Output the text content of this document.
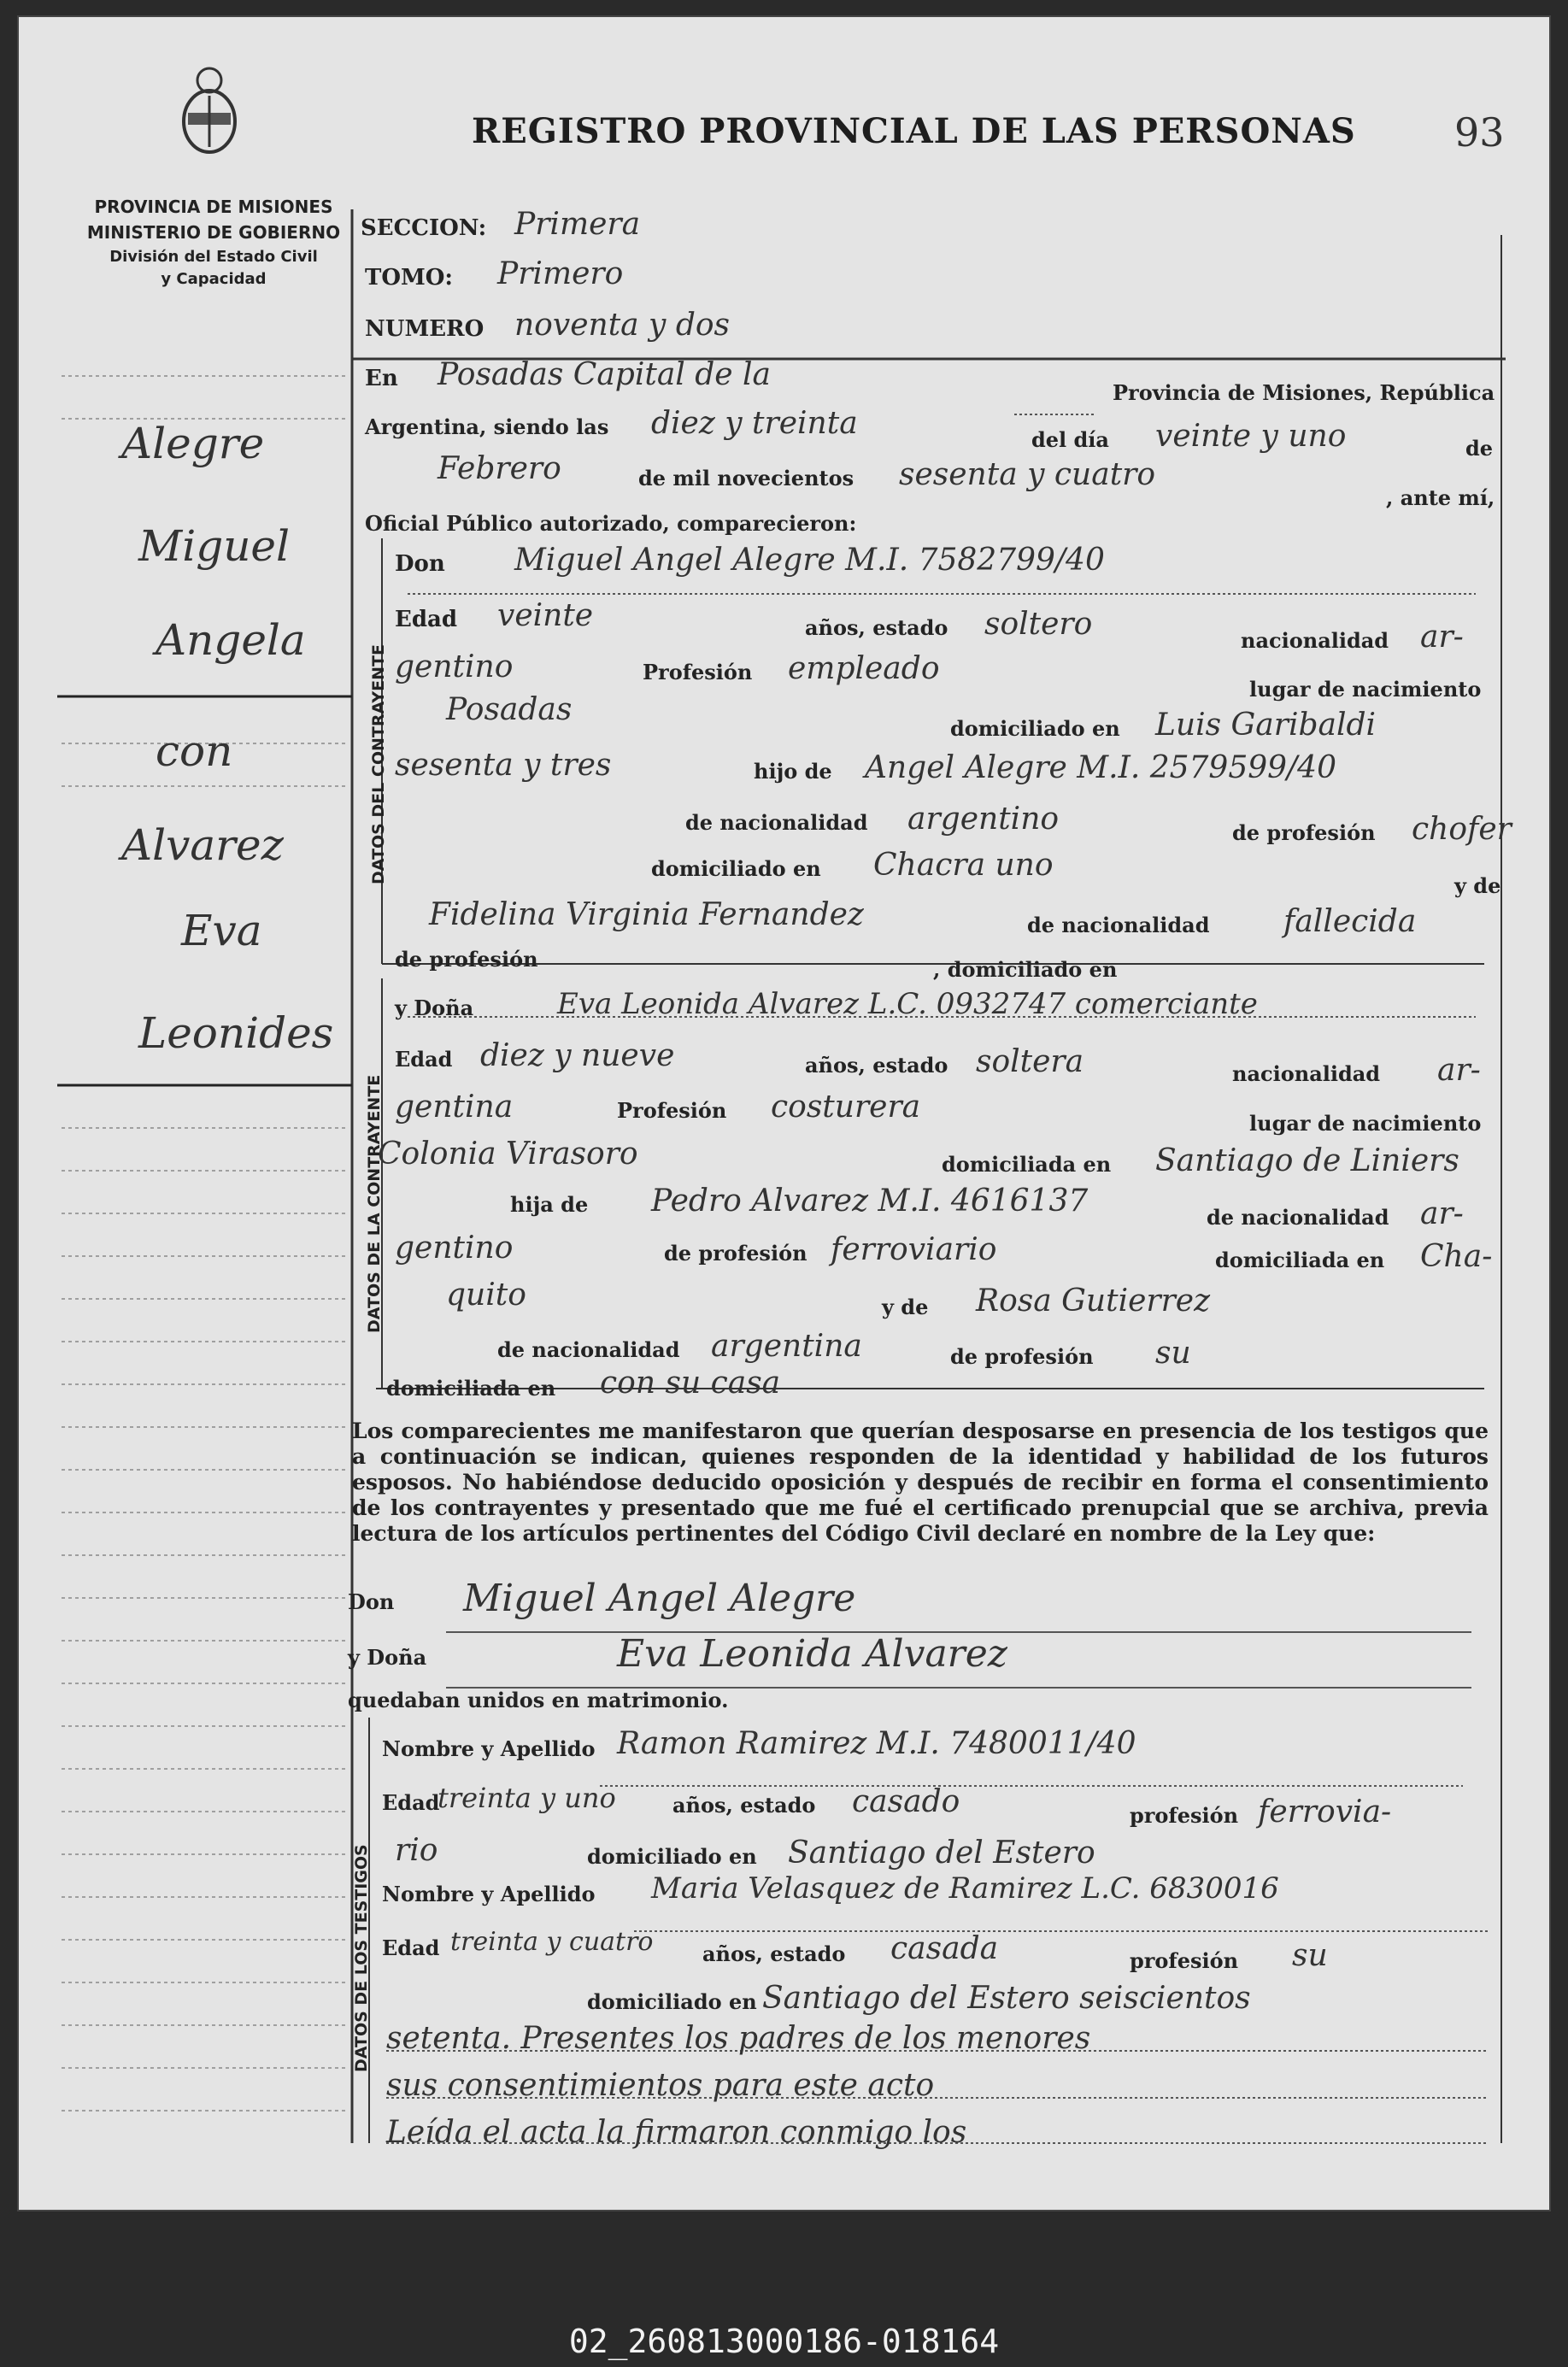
PROVINCIA DE MISIONES
MINISTERIO DE GOBIERNO
División del Estado Civil
y Capacidad
REGISTRO PROVINCIAL DE LAS PERSONAS	93
Alegre
Miguel
Angela
con
Alvarez
Eva
Leonides
SECCION: Primera
TOMO: Primero
NUMERO noventa y dos
En Posadas Capital de la
Provincia de Misiones, República
Argentina, siendo las diez y treinta	del día veinte y uno	de
Febrero	de mil novecientos sesenta y cuatro
, ante mí,
Oficial Público autorizado, comparecieron:
DATOS DEL CONTRAYENTE
Don Miguel Angel Alegre M.I. 7582799/40
Edad veinte	años, estado soltero	nacionalidad ar-
gentino	Profesión empleado
lugar de nacimiento
Posadas
domiciliado en Luis Garibaldi
sesenta y tres	hijo de Angel Alegre M.I. 2579599/40
de nacionalidad argentino	de profesión chofer
domiciliado en Chacra uno
y de
Fidelina Virginia Fernandez	de nacionalidad fallecida
de profesión	, domiciliado en
DATOS DE LA CONTRAYENTE
y Doña	Eva Leonida Alvarez L.C. 0932747 comerciante
Edad diez y nueve	años, estado soltera	nacionalidad ar-
gentina	Profesión costurera	lugar de nacimiento
Colonia Virasoro	domiciliada en Santiago de Liniers
hija de Pedro Alvarez M.I. 4616137	de nacionalidad ar-
gentino	de profesión ferroviario	domiciliada en Cha-
quito	y de Rosa Gutierrez
de nacionalidad argentina	de profesión su
domiciliada en con su casa
Los comparecientes me manifestaron que querían desposarse en presencia de los testigos que a continuación se indican, quienes responden de la identidad y habilidad de los futuros esposos. No habiéndose deducido oposición y después de recibir en forma el consentimiento de los contrayentes y presentado que me fué el certificado prenupcial que se archiva, previa lectura de los artículos pertinentes del Código Civil declaré en nombre de la Ley que:
Don Miguel Angel Alegre
y Doña	Eva Leonida Alvarez
quedaban unidos en matrimonio.
DATOS DE LOS TESTIGOS
Nombre y Apellido Ramon Ramirez M.I. 7480011/40
Edad
treinta y uno	años, estado casado	profesión ferrovia-
rio	domiciliado en Santiago del Estero
Nombre y Apellido Maria Velasquez de Ramirez L.C. 6830016
Edad treinta y cuatro años, estado casada	profesión su
domiciliado en Santiago del Estero seiscientos
setenta. Presentes los padres de los menores
sus consentimientos para este acto
Leída el acta la firmaron conmigo los
02_260813000186-018164
